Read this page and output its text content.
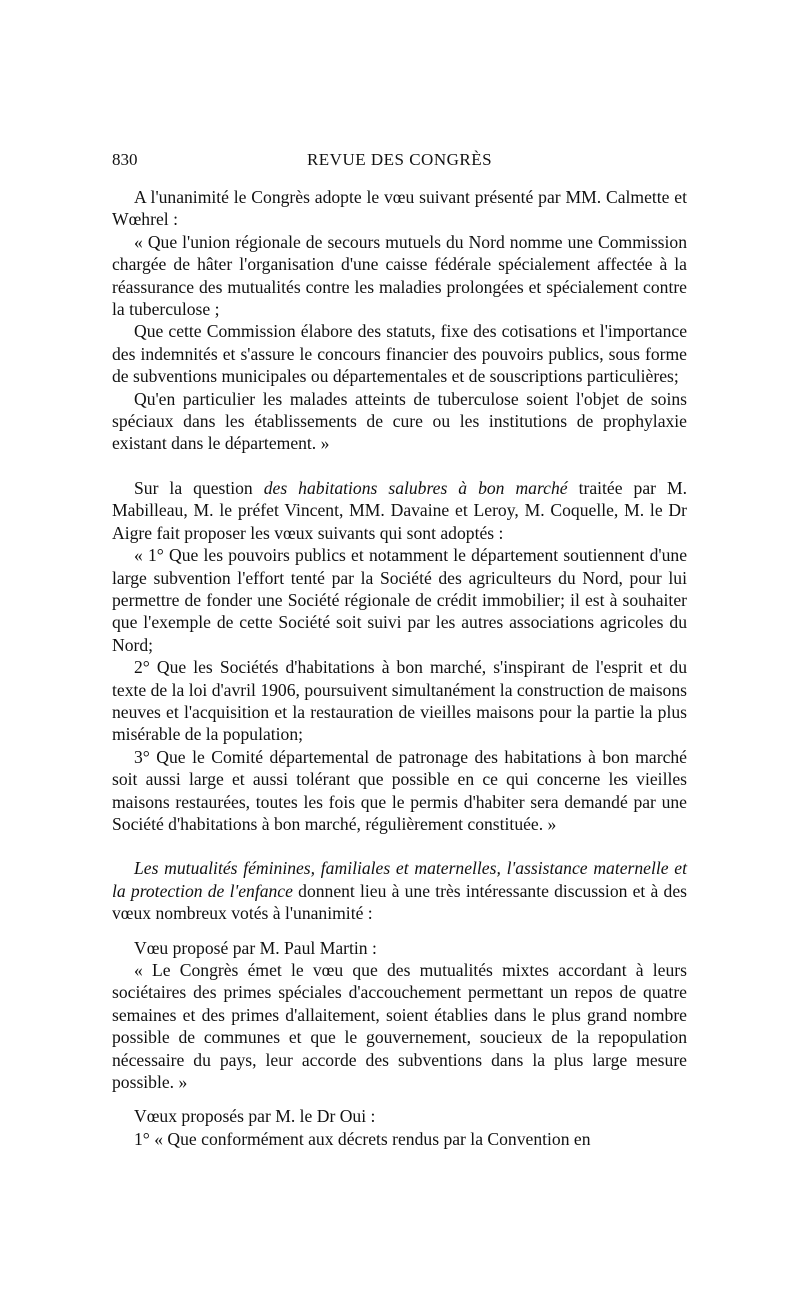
830	REVUE DES CONGRÈS

A l'unanimité le Congrès adopte le vœu suivant présenté par MM. Calmette et Wœhrel :

« Que l'union régionale de secours mutuels du Nord nomme une Commission chargée de hâter l'organisation d'une caisse fédérale spécialement affectée à la réassurance des mutualités contre les maladies prolongées et spécialement contre la tuberculose ;

Que cette Commission élabore des statuts, fixe des cotisations et l'importance des indemnités et s'assure le concours financier des pouvoirs publics, sous forme de subventions municipales ou départementales et de souscriptions particulières;

Qu'en particulier les malades atteints de tuberculose soient l'objet de soins spéciaux dans les établissements de cure ou les institutions de prophylaxie existant dans le département. »

Sur la question des habitations salubres à bon marché traitée par M. Mabilleau, M. le préfet Vincent, MM. Davaine et Leroy, M. Coquelle, M. le Dr Aigre fait proposer les vœux suivants qui sont adoptés :

« 1° Que les pouvoirs publics et notamment le département soutiennent d'une large subvention l'effort tenté par la Société des agriculteurs du Nord, pour lui permettre de fonder une Société régionale de crédit immobilier; il est à souhaiter que l'exemple de cette Société soit suivi par les autres associations agricoles du Nord;

2° Que les Sociétés d'habitations à bon marché, s'inspirant de l'esprit et du texte de la loi d'avril 1906, poursuivent simultanément la construction de maisons neuves et l'acquisition et la restauration de vieilles maisons pour la partie la plus misérable de la population;

3° Que le Comité départemental de patronage des habitations à bon marché soit aussi large et aussi tolérant que possible en ce qui concerne les vieilles maisons restaurées, toutes les fois que le permis d'habiter sera demandé par une Société d'habitations à bon marché, régulièrement constituée. »

Les mutualités féminines, familiales et maternelles, l'assistance maternelle et la protection de l'enfance donnent lieu à une très intéressante discussion et à des vœux nombreux votés à l'unanimité :

Vœu proposé par M. Paul Martin :

« Le Congrès émet le vœu que des mutualités mixtes accordant à leurs sociétaires des primes spéciales d'accouchement permettant un repos de quatre semaines et des primes d'allaitement, soient établies dans le plus grand nombre possible de communes et que le gouvernement, soucieux de la repopulation nécessaire du pays, leur accorde des subventions dans la plus large mesure possible. »

Vœux proposés par M. le Dr Oui :

1° « Que conformément aux décrets rendus par la Convention en
